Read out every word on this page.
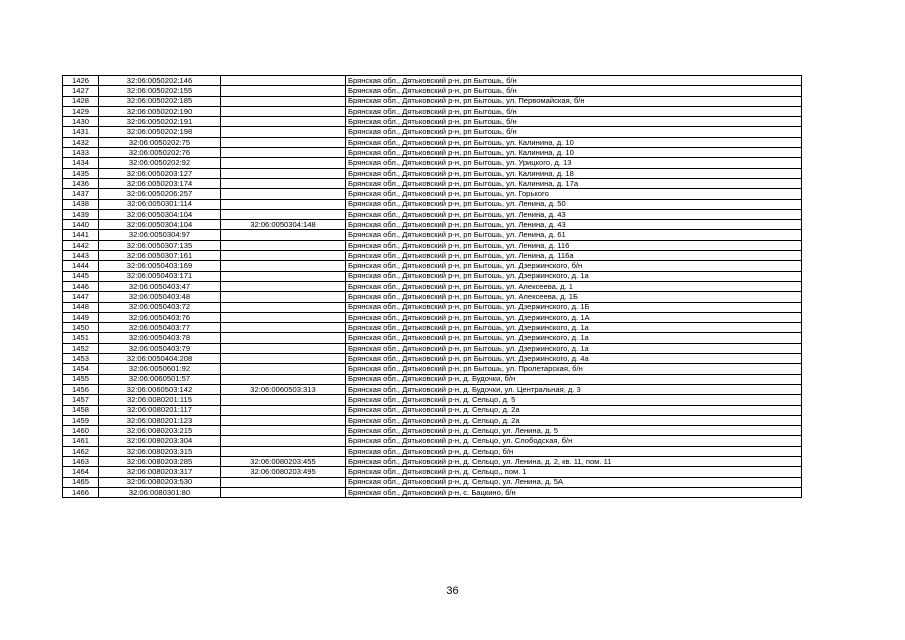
1426	32:06:0050202:146		Брянская обл., Дятьковский р-н, рп Бытошь, б/н
1427	32:06:0050202:155		Брянская обл., Дятьковский р-н, рп Бытошь, б/н
1428	32:06:0050202:185		Брянская обл., Дятьковский р-н, рп Бытошь, ул. Первомайская, б/н
1429	32:06:0050202:190		Брянская обл., Дятьковский р-н, рп Бытошь, б/н
1430	32:06:0050202:191		Брянская обл., Дятьковский р-н, рп Бытошь, б/н
1431	32:06:0050202:198		Брянская обл., Дятьковский р-н, рп Бытошь, б/н
1432	32:06:0050202:75		Брянская обл., Дятьковский р-н, рп Бытошь, ул. Калинина, д. 10
1433	32:06:0050202:76		Брянская обл., Дятьковский р-н, рп Бытошь, ул. Калинина, д. 10
1434	32:06:0050202:92		Брянская обл., Дятьковский р-н, рп Бытошь, ул. Урицкого, д. 13
1435	32:06:0050203:127		Брянская обл., Дятьковский р-н, рп Бытошь, ул. Калинина, д. 18
1436	32:06:0050203:174		Брянская обл., Дятьковский р-н, рп Бытошь, ул. Калинина, д. 17а
1437	32:06:0050206:257		Брянская обл., Дятьковский р-н, рп Бытошь, ул. Горького
1438	32:06:0050301:114		Брянская обл., Дятьковский р-н, рп Бытошь, ул. Ленина, д. 50
1439	32:06:0050304:104		Брянская обл., Дятьковский р-н, рп Бытошь, ул. Ленина, д. 43
1440	32:06:0050304:104	32:06:0050304:148	Брянская обл., Дятьковский р-н, рп Бытошь, ул. Ленина, д. 43
1441	32:06:0050304:97		Брянская обл., Дятьковский р-н, рп Бытошь, ул. Ленина, д. 61
1442	32:06:0050307:135		Брянская обл., Дятьковский р-н, рп Бытошь, ул. Ленина, д. 116
1443	32:06:0050307:161		Брянская обл., Дятьковский р-н, рп Бытошь, ул. Ленина, д. 116а
1444	32:06:0050403:169		Брянская обл., Дятьковский р-н, рп Бытошь, ул. Дзержинского, б/н
1445	32:06:0050403:171		Брянская обл., Дятьковский р-н, рп Бытошь, ул. Дзержинского, д. 1а
1446	32:06:0050403:47		Брянская обл., Дятьковский р-н, рп Бытошь, ул. Алексеева, д. 1
1447	32:06:0050403:48		Брянская обл., Дятьковский р-н, рп Бытошь, ул. Алексеева, д. 1Б
1448	32:06:0050403:72		Брянская обл., Дятьковский р-н, рп Бытошь, ул. Дзержинского, д. 1Б
1449	32:06:0050403:76		Брянская обл., Дятьковский р-н, рп Бытошь, ул. Дзержинского, д. 1А
1450	32:06:0050403:77		Брянская обл., Дятьковский р-н, рп Бытошь, ул. Дзержинского, д. 1а
1451	32:06:0050403:78		Брянская обл., Дятьковский р-н, рп Бытошь, ул. Дзержинского, д. 1а
1452	32:06:0050403:79		Брянская обл., Дятьковский р-н, рп Бытошь, ул. Дзержинского, д. 1а
1453	32:06:0050404:208		Брянская обл., Дятьковский р-н, рп Бытошь, ул. Дзержинского, д. 4а
1454	32:06:0050601:92		Брянская обл., Дятьковский р-н, рп Бытошь, ул. Пролетарская, б/н
1455	32:06:0060501:57		Брянская обл., Дятьковский р-н, д. Будочки, б/н
1456	32:06:0060503:142	32:06:0060503:313	Брянская обл., Дятьковский р-н, д. Будочки, ул. Центральная, д. 3
1457	32:06:0080201:115		Брянская обл., Дятьковский р-н, д. Сельцо, д. 5
1458	32:06:0080201:117		Брянская обл., Дятьковский р-н, д. Сельцо, д. 2а
1459	32:06:0080201:123		Брянская обл., Дятьковский р-н, д. Сельцо, д. 2а
1460	32:06:0080203:215		Брянская обл., Дятьковский р-н, д. Сельцо, ул. Ленина, д. 5
1461	32:06:0080203:304		Брянская обл., Дятьковский р-н, д. Сельцо, ул. Слободская, б/н
1462	32:06:0080203:315		Брянская обл., Дятьковский р-н, д. Сельцо, б/н
1463	32:06:0080203:285	32:06:0080203:455	Брянская обл., Дятьковский р-н, д. Сельцо, ул. Ленина, д. 2, кв. 11, пом. 11
1464	32:06:0080203:317	32:06:0080203:495	Брянская обл., Дятьковский р-н, д. Сельцо,, пом. 1
1465	32:06:0080203:530		Брянская обл., Дятьковский р-н, д. Сельцо, ул. Ленина, д. 5А
1466	32:06:0080301:80		Брянская обл., Дятьковский р-н, с. Бацкино, б/н
36
